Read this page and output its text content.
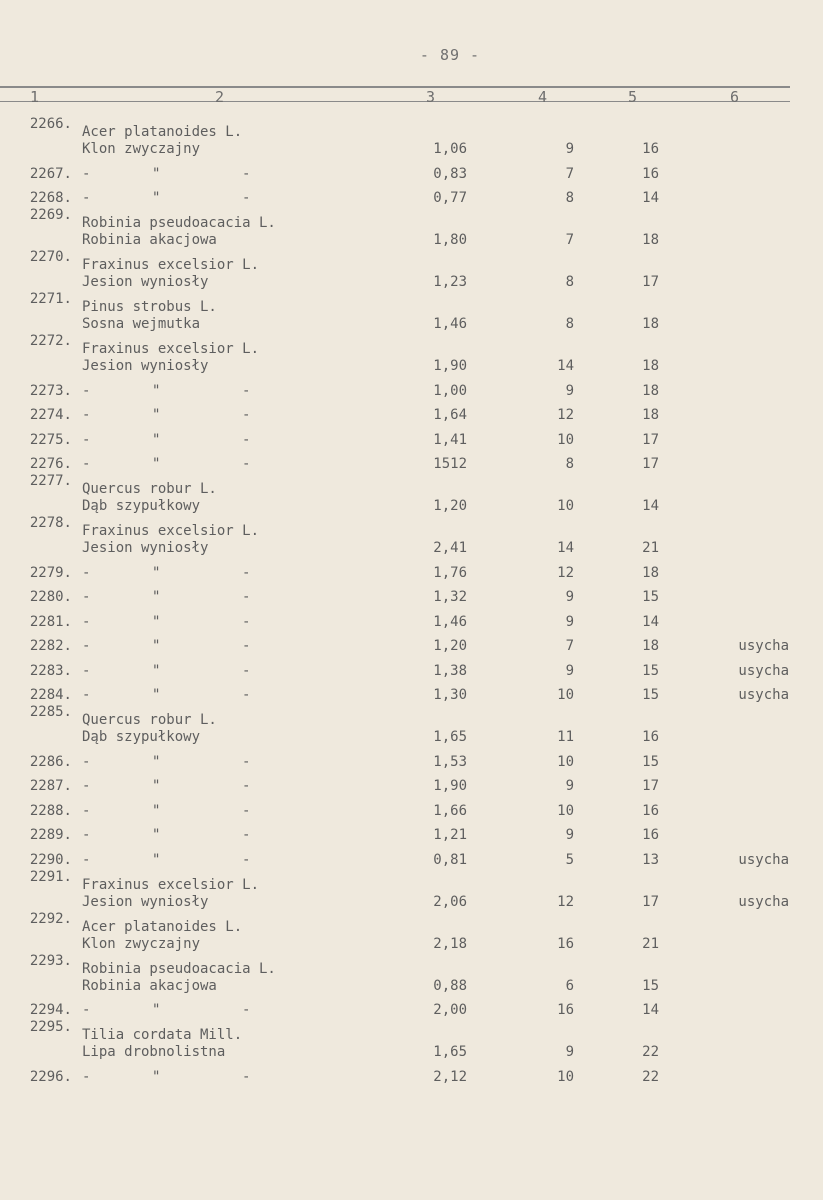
- 89 -
1	2	3	4	5	6
2266.	Acer platanoides L.
Klon zwyczajny	1,06	9	16	
2267.	- " -	0,83	7	16	
2268.	- " -	0,77	8	14	
2269.	Robinia pseudoacacia L.
Robinia akacjowa	1,80	7	18	
2270.	Fraxinus excelsior L.
Jesion wyniosły	1,23	8	17	
2271.	Pinus strobus L.
Sosna wejmutka	1,46	8	18	
2272.	Fraxinus excelsior L.
Jesion wyniosły	1,90	14	18	
2273.	- " -	1,00	9	18	
2274.	- " -	1,64	12	18	
2275.	- " -	1,41	10	17	
2276.	- " -	1512	8	17	
2277.	Quercus robur L.
Dąb szypułkowy	1,20	10	14	
2278.	Fraxinus excelsior L.
Jesion wyniosły	2,41	14	21	
2279.	- " -	1,76	12	18	
2280.	- " -	1,32	9	15	
2281.	- " -	1,46	9	14	
2282.	- " -	1,20	7	18	usycha
2283.	- " -	1,38	9	15	usycha
2284.	- " -	1,30	10	15	usycha
2285.	Quercus robur L.
Dąb szypułkowy	1,65	11	16	
2286.	- " -	1,53	10	15	
2287.	- " -	1,90	9	17	
2288.	- " -	1,66	10	16	
2289.	- " -	1,21	9	16	
2290.	- " -	0,81	5	13	usycha
2291.	Fraxinus excelsior L.
Jesion wyniosły	2,06	12	17	usycha
2292.	Acer platanoides L.
Klon zwyczajny	2,18	16	21	
2293.	Robinia pseudoacacia L.
Robinia akacjowa	0,88	6	15	
2294.	- " -	2,00	16	14	
2295.	Tilia cordata Mill.
Lipa drobnolistna	1,65	9	22	
2296.	- " -	2,12	10	22	
